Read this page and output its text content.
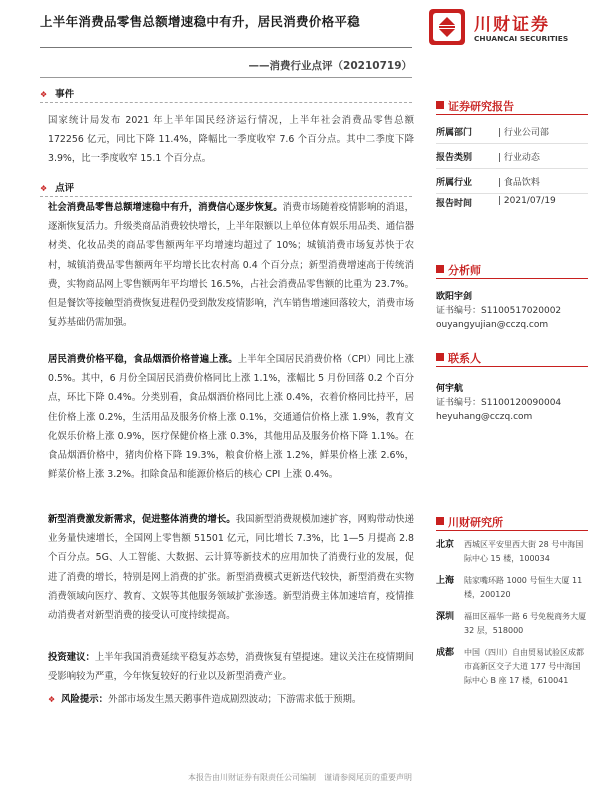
上半年消费品零售总额增速稳中有升，居民消费价格平稳
——消费行业点评（20210719）
川财证券
CHUANCAI SECURITIES
❖ 事件
国家统计局发布 2021 年上半年国民经济运行情况，上半年社会消费品零售总额 172256 亿元，同比下降 11.4%，降幅比一季度收窄 7.6 个百分点。其中二季度下降 3.9%，比一季度收窄 15.1 个百分点。
❖ 点评
社会消费品零售总额增速稳中有升，消费信心逐步恢复。消费市场随着疫情影响的消退，逐渐恢复活力。升级类商品消费较快增长，上半年限额以上单位体育娱乐用品类、通信器材类、化妆品类的商品零售额两年平均增速均超过了 10%；城镇消费市场复苏快于农村，城镇消费品零售额两年平均增长比农村高 0.4 个百分点；新型消费增速高于传统消费，实物商品网上零售额两年平均增长 16.5%，占社会消费品零售额的比重为 23.7%。但是餐饮等接触型消费恢复进程仍受到散发疫情影响，汽车销售增速回落较大，消费市场复苏基础仍需加强。
居民消费价格平稳，食品烟酒价格普遍上涨。上半年全国居民消费价格（CPI）同比上涨 0.5%。其中，6 月份全国居民消费价格同比上涨 1.1%，涨幅比 5 月份回落 0.2 个百分点，环比下降 0.4%。分类别看，食品烟酒价格同比上涨 0.4%，衣着价格同比持平，居住价格上涨 0.2%，生活用品及服务价格上涨 0.1%，交通通信价格上涨 1.9%，教育文化娱乐价格上涨 0.9%，医疗保健价格上涨 0.3%，其他用品及服务价格下降 1.1%。在食品烟酒价格中，猪肉价格下降 19.3%，粮食价格上涨 1.2%，鲜果价格上涨 2.6%，鲜菜价格上涨 3.2%。扣除食品和能源价格后的核心 CPI 上涨 0.4%。
新型消费激发新需求，促进整体消费的增长。我国新型消费规模加速扩容，网购带动快递业务量快速增长，全国网上零售额 51501 亿元，同比增长 7.3%，比 1—5 月提高 2.8 个百分点。5G、人工智能、大数据、云计算等新技术的应用加快了消费行业的发展，促进了消费的增长，特别是网上消费的扩张。新型消费模式更新迭代较快，新型消费在实物消费领域向医疗、教育、文娱等其他服务领域扩张渗透。新型消费主体加速培育，疫情推动消费者对新型消费的接受认可度持续提高。
投资建议：上半年我国消费延续平稳复苏态势，消费恢复有望提速。建议关注在疫情期间受影响较为严重，今年恢复较好的行业以及新型消费产业。
❖ 风险提示：外部市场发生黑天鹅事件造成剧烈波动；下游需求低于预期。
证券研究报告
所属部门	| 行业公司部
报告类别	| 行业动态
所属行业	| 食品饮料
报告时间	| 2021/07/19
分析师
欧阳宇剑
证书编号：S1100517020002
ouyangyujian@cczq.com
联系人
何宇航
证书编号：S1100120090004
heyuhang@cczq.com
川财研究所
北京 西城区平安里西大街 28 号中海国际中心 15 楼，100034
上海 陆家嘴环路 1000 号恒生大厦 11 楼，200120
深圳 福田区福华一路 6 号免税商务大厦 32 层，518000
成都 中国（四川）自由贸易试验区成都市高新区交子大道 177 号中海国际中心 B 座 17 楼，610041
本报告由川财证券有限责任公司编制　谨请参阅尾页的重要声明
